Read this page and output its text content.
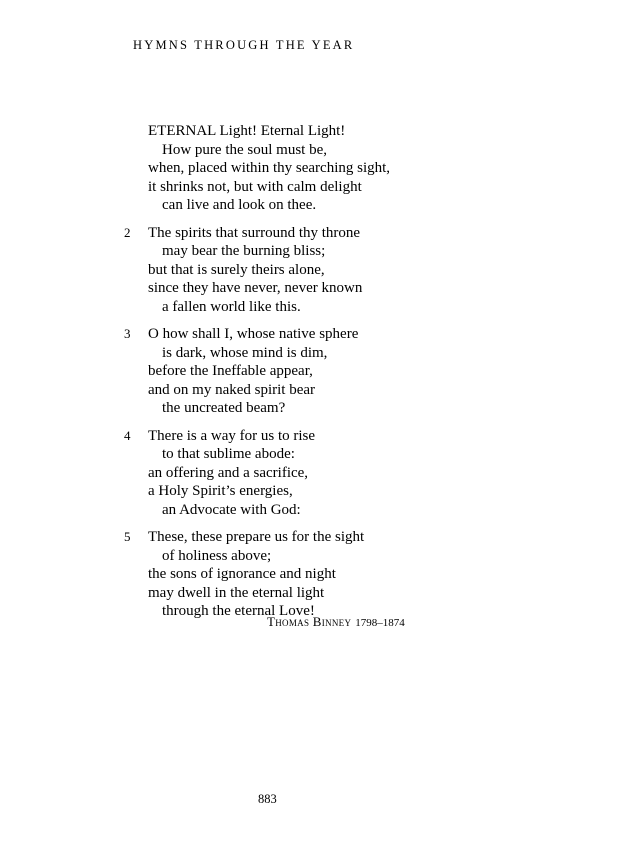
HYMNS THROUGH THE YEAR
ETERNAL Light! Eternal Light!
How pure the soul must be,
when, placed within thy searching sight,
it shrinks not, but with calm delight
can live and look on thee.
2 The spirits that surround thy throne
may bear the burning bliss;
but that is surely theirs alone,
since they have never, never known
a fallen world like this.
3 O how shall I, whose native sphere
is dark, whose mind is dim,
before the Ineffable appear,
and on my naked spirit bear
the uncreated beam?
4 There is a way for us to rise
to that sublime abode:
an offering and a sacrifice,
a Holy Spirit’s energies,
an Advocate with God:
5 These, these prepare us for the sight
of holiness above;
the sons of ignorance and night
may dwell in the eternal light
through the eternal Love!
Thomas Binney 1798–1874
883
